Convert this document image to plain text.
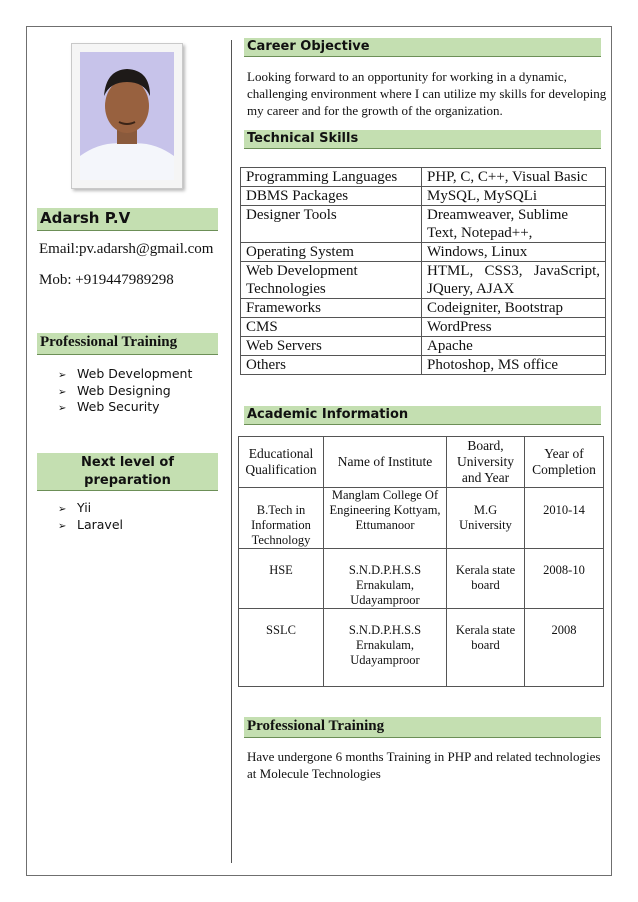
Adarsh P.V
Email:pv.adarsh@gmail.com
Mob: +919447989298
Professional Training
➢ Web Development
➢ Web Designing
➢ Web Security
Next level of
preparation
➢ Yii
➢ Laravel
Career Objective
Looking forward to an opportunity for working in a dynamic, challenging environment where I can utilize my skills for developing my career and for the growth of the organization.
Technical Skills
Programming Languages	PHP, C, C++, Visual Basic
DBMS Packages	MySQL, MySQLi
Designer Tools	Dreamweaver, Sublime Text, Notepad++,
Operating System	Windows, Linux
Web Development Technologies	HTML, CSS3, JavaScript, JQuery, AJAX
Frameworks	Codeigniter, Bootstrap
CMS	WordPress
Web Servers	Apache
Others	Photoshop, MS office
Academic Information
Educational Qualification	Name of Institute	Board, University and Year	Year of Completion
B.Tech in Information Technology	Manglam College Of Engineering Kottyam, Ettumanoor	M.G University	2010-14
HSE	S.N.D.P.H.S.S Ernakulam, Udayamproor	Kerala state board	2008-10
SSLC	S.N.D.P.H.S.S Ernakulam, Udayamproor	Kerala state board	2008
Professional Training
Have undergone 6 months Training in PHP and related technologies at Molecule Technologies
